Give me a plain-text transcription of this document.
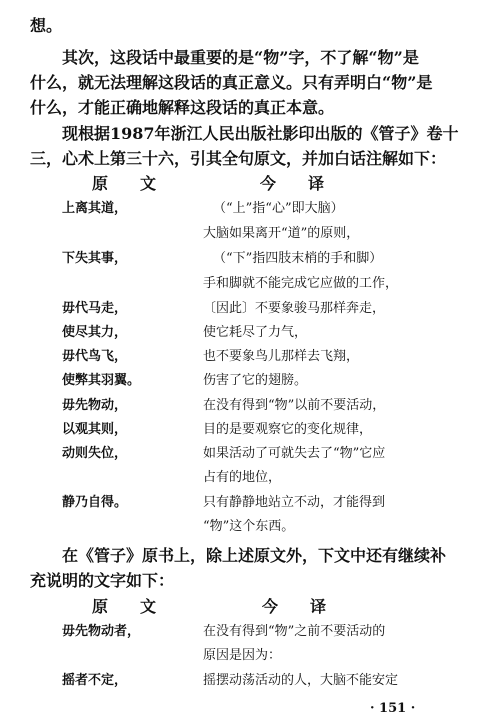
想。
其次，这段话中最重要的是“物”字，不了解“物”是
什么，就无法理解这段话的真正意义。只有弄明白“物”是
什么，才能正确地解释这段话的真正本意。
现根据1987年浙江人民出版社影印出版的《管子》卷十
三，心术上第三十六，引其全句原文，并加白话注解如下：
原　　文	今　　译
上离其道，	（“上”指“心”即大脑）
大脑如果离开“道”的原则，
下失其事，	（“下”指四肢末梢的手和脚）
手和脚就不能完成它应做的工作，
毋代马走，	〔因此〕不要象骏马那样奔走，
使尽其力，	使它耗尽了力气，
毋代鸟飞，	也不要象鸟儿那样去飞翔，
使弊其羽翼。	伤害了它的翅膀。
毋先物动，	在没有得到“物”以前不要活动，
以观其则，	目的是要观察它的变化规律，
动则失位，	如果活动了可就失去了“物”它应
占有的地位，
静乃自得。	只有静静地站立不动，才能得到
“物”这个东西。
在《管子》原书上，除上述原文外，下文中还有继续补
充说明的文字如下：
原　　文	今　　译
毋先物动者，	在没有得到“物”之前不要活动的
原因是因为：
摇者不定，	摇摆动荡活动的人，大脑不能安定
· 151 ·
